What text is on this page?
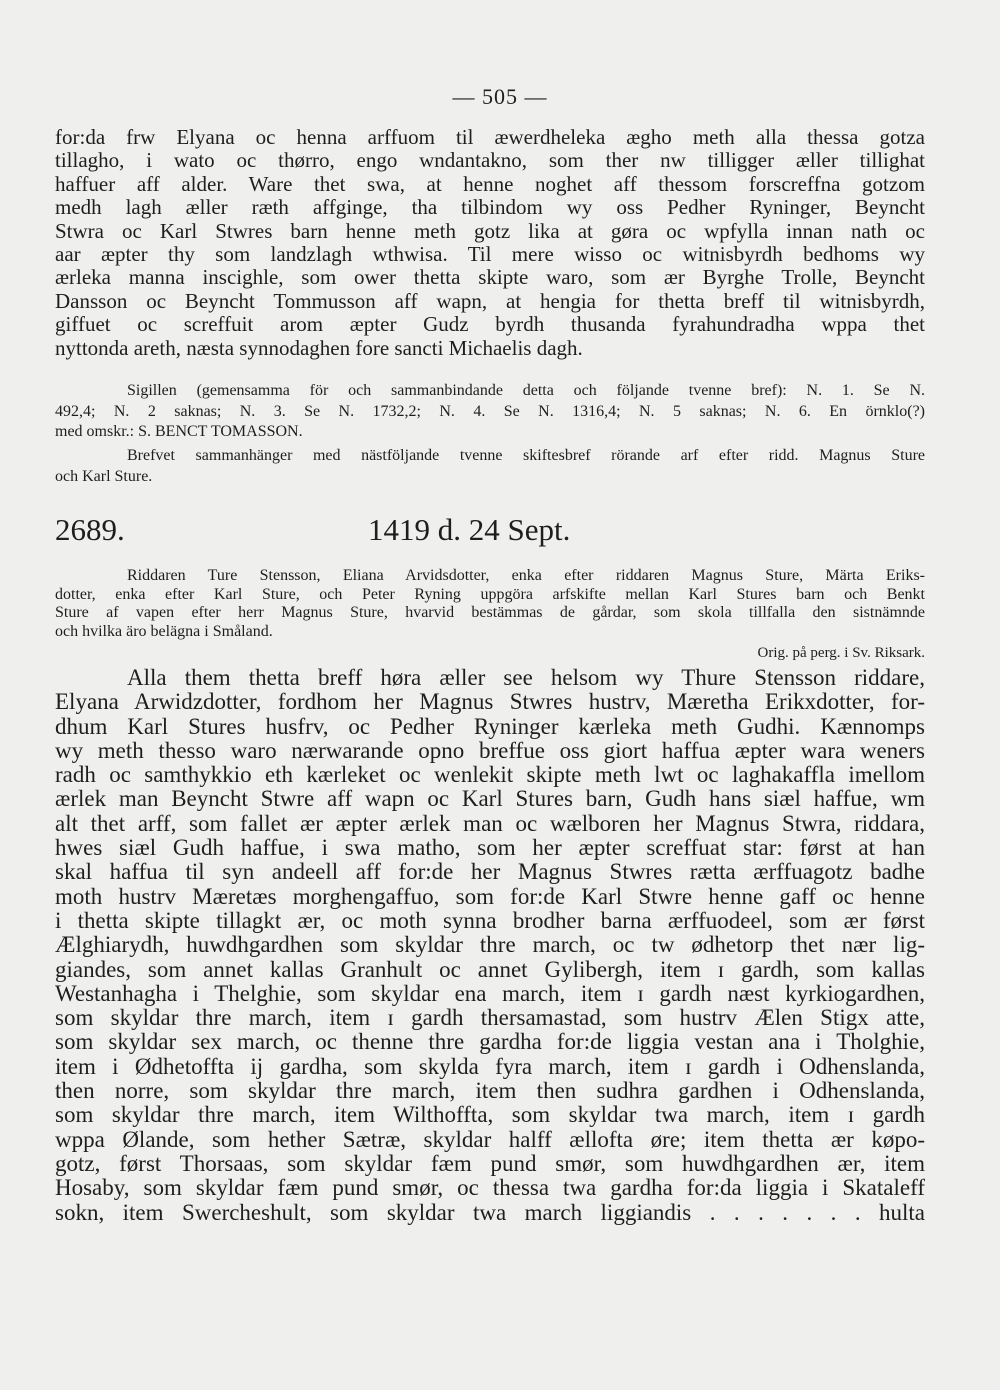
— 505 —
for:da frw Elyana oc henna arffuom til æwerdheleka ægho meth alla thessa gotza
tillagho, i wato oc thørro, engo wndantakno, som ther nw tilligger æller tillighat
haffuer aff alder. Ware thet swa, at henne noghet aff thessom forscreffna gotzom
medh lagh æller ræth affginge, tha tilbindom wy oss Pedher Ryninger, Beyncht
Stwra oc Karl Stwres barn henne meth gotz lika at gøra oc wpfylla innan nath oc
aar æpter thy som landzlagh wthwisa. Til mere wisso oc witnisbyrdh bedhoms wy
ærleka manna inscighle, som ower thetta skipte waro, som ær Byrghe Trolle, Beyncht
Dansson oc Beyncht Tommusson aff wapn, at hengia for thetta breff til witnisbyrdh,
giffuet oc screffuit arom æpter Gudz byrdh thusanda fyrahundradha wppa thet
nyttonda areth, næsta synnodaghen fore sancti Michaelis dagh.
Sigillen (gemensamma för och sammanbindande detta och följande tvenne bref): N. 1. Se N.
492,4; N. 2 saknas; N. 3. Se N. 1732,2; N. 4. Se N. 1316,4; N. 5 saknas; N. 6. En örnklo(?)
med omskr.: S. BENCT TOMASSON.
Brefvet sammanhänger med nästföljande tvenne skiftesbref rörande arf efter ridd. Magnus Sture
och Karl Sture.
2689.	1419 d. 24 Sept.
Riddaren Ture Stensson, Eliana Arvidsdotter, enka efter riddaren Magnus Sture, Märta Eriks-
dotter, enka efter Karl Sture, och Peter Ryning uppgöra arfskifte mellan Karl Stures barn och Benkt
Sture af vapen efter herr Magnus Sture, hvarvid bestämmas de gårdar, som skola tillfalla den sistnämnde
och hvilka äro belägna i Småland.
Orig. på perg. i Sv. Riksark.
Alla them thetta breff høra æller see helsom wy Thure Stensson riddare,
Elyana Arwidzdotter, fordhom her Magnus Stwres hustrv, Mæretha Erikxdotter, for-
dhum Karl Stures husfrv, oc Pedher Ryninger kærleka meth Gudhi. Kænnomps
wy meth thesso waro nærwarande opno breffue oss giort haffua æpter wara weners
radh oc samthykkio eth kærleket oc wenlekit skipte meth lwt oc laghakaffla imellom
ærlek man Beyncht Stwre aff wapn oc Karl Stures barn, Gudh hans siæl haffue, wm
alt thet arff, som fallet ær æpter ærlek man oc wælboren her Magnus Stwra, riddara,
hwes siæl Gudh haffue, i swa matho, som her æpter screffuat star: først at han
skal haffua til syn andeell aff for:de her Magnus Stwres rætta ærffuagotz badhe
moth hustrv Mæretæs morghengaffuo, som for:de Karl Stwre henne gaff oc henne
i thetta skipte tillagkt ær, oc moth synna brodher barna ærffuodeel, som ær først
Ælghiarydh, huwdhgardhen som skyldar thre march, oc tw ødhetorp thet nær lig-
giandes, som annet kallas Granhult oc annet Gylibergh, item ɪ gardh, som kallas
Westanhagha i Thelghie, som skyldar ena march, item ɪ gardh næst kyrkiogardhen,
som skyldar thre march, item ɪ gardh thersamastad, som hustrv Ælen Stigx atte,
som skyldar sex march, oc thenne thre gardha for:de liggia vestan ana i Tholghie,
item i Ødhetoffta ij gardha, som skylda fyra march, item ɪ gardh i Odhenslanda,
then norre, som skyldar thre march, item then sudhra gardhen i Odhenslanda,
som skyldar thre march, item Wilthoffta, som skyldar twa march, item ɪ gardh
wppa Ølande, som hether Sætræ, skyldar halff ællofta øre; item thetta ær køpo-
gotz, først Thorsaas, som skyldar fæm pund smør, som huwdhgardhen ær, item
Hosaby, som skyldar fæm pund smør, oc thessa twa gardha for:da liggia i Skataleff
sokn, item Swercheshult, som skyldar twa march liggiandis . . . . . . . hulta
